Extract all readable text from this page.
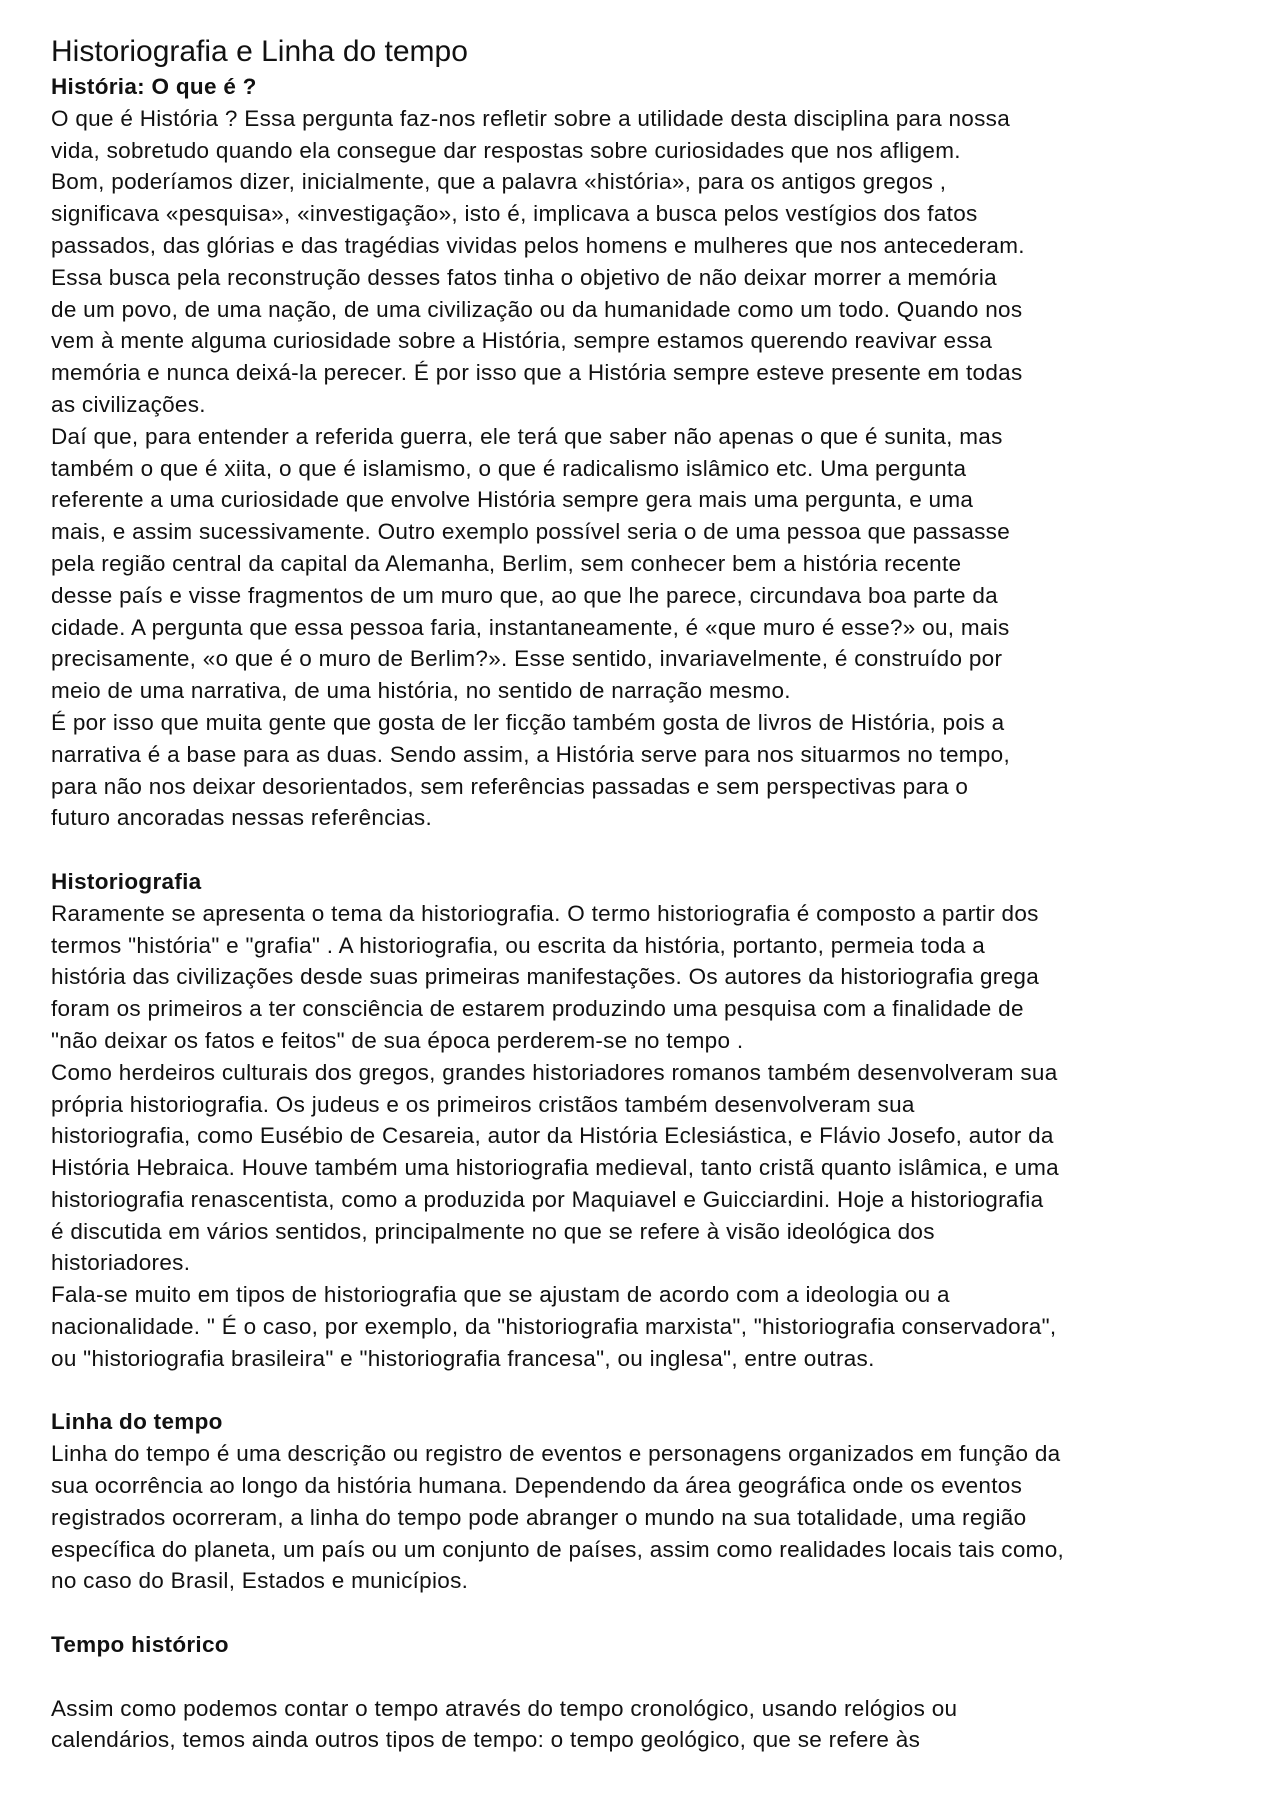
Historiografia e Linha do tempo
História: O que é ?
O que é História ? Essa pergunta faz-nos refletir sobre a utilidade desta disciplina para nossa
vida, sobretudo quando ela consegue dar respostas sobre curiosidades que nos afligem.
Bom, poderíamos dizer, inicialmente, que a palavra «história», para os antigos gregos ,
significava «pesquisa», «investigação», isto é, implicava a busca pelos vestígios dos fatos
passados, das glórias e das tragédias vividas pelos homens e mulheres que nos antecederam.
Essa busca pela reconstrução desses fatos tinha o objetivo de não deixar morrer a memória
de um povo, de uma nação, de uma civilização ou da humanidade como um todo. Quando nos
vem à mente alguma curiosidade sobre a História, sempre estamos querendo reavivar essa
memória e nunca deixá-la perecer. É por isso que a História sempre esteve presente em todas
as civilizações.
Daí que, para entender a referida guerra, ele terá que saber não apenas o que é sunita, mas
também o que é xiita, o que é islamismo, o que é radicalismo islâmico etc. Uma pergunta
referente a uma curiosidade que envolve História sempre gera mais uma pergunta, e uma
mais, e assim sucessivamente. Outro exemplo possível seria o de uma pessoa que passasse
pela região central da capital da Alemanha, Berlim, sem conhecer bem a história recente
desse país e visse fragmentos de um muro que, ao que lhe parece, circundava boa parte da
cidade. A pergunta que essa pessoa faria, instantaneamente, é «que muro é esse?» ou, mais
precisamente, «o que é o muro de Berlim?». Esse sentido, invariavelmente, é construído por
meio de uma narrativa, de uma história, no sentido de narração mesmo.
É por isso que muita gente que gosta de ler ficção também gosta de livros de História, pois a
narrativa é a base para as duas. Sendo assim, a História serve para nos situarmos no tempo,
para não nos deixar desorientados, sem referências passadas e sem perspectivas para o
futuro ancoradas nessas referências.
Historiografia
Raramente se apresenta o tema da historiografia. O termo historiografia é composto a partir dos
termos "história" e "grafia" . A historiografia, ou escrita da história, portanto, permeia toda a
história das civilizações desde suas primeiras manifestações. Os autores da historiografia grega
foram os primeiros a ter consciência de estarem produzindo uma pesquisa com a finalidade de
"não deixar os fatos e feitos" de sua época perderem-se no tempo .
Como herdeiros culturais dos gregos, grandes historiadores romanos também desenvolveram sua
própria historiografia. Os judeus e os primeiros cristãos também desenvolveram sua
historiografia, como Eusébio de Cesareia, autor da História Eclesiástica, e Flávio Josefo, autor da
História Hebraica. Houve também uma historiografia medieval, tanto cristã quanto islâmica, e uma
historiografia renascentista, como a produzida por Maquiavel e Guicciardini. Hoje a historiografia
é discutida em vários sentidos, principalmente no que se refere à visão ideológica dos
historiadores.
Fala-se muito em tipos de historiografia que se ajustam de acordo com a ideologia ou a
nacionalidade. " É o caso, por exemplo, da "historiografia marxista", "historiografia conservadora",
ou "historiografia brasileira" e "historiografia francesa", ou inglesa", entre outras.
Linha do tempo
Linha do tempo é uma descrição ou registro de eventos e personagens organizados em função da
sua ocorrência ao longo da história humana. Dependendo da área geográfica onde os eventos
registrados ocorreram, a linha do tempo pode abranger o mundo na sua totalidade, uma região
específica do planeta, um país ou um conjunto de países, assim como realidades locais tais como,
no caso do Brasil, Estados e municípios.
Tempo histórico
Assim como podemos contar o tempo através do tempo cronológico, usando relógios ou
calendários, temos ainda outros tipos de tempo: o tempo geológico, que se refere às
